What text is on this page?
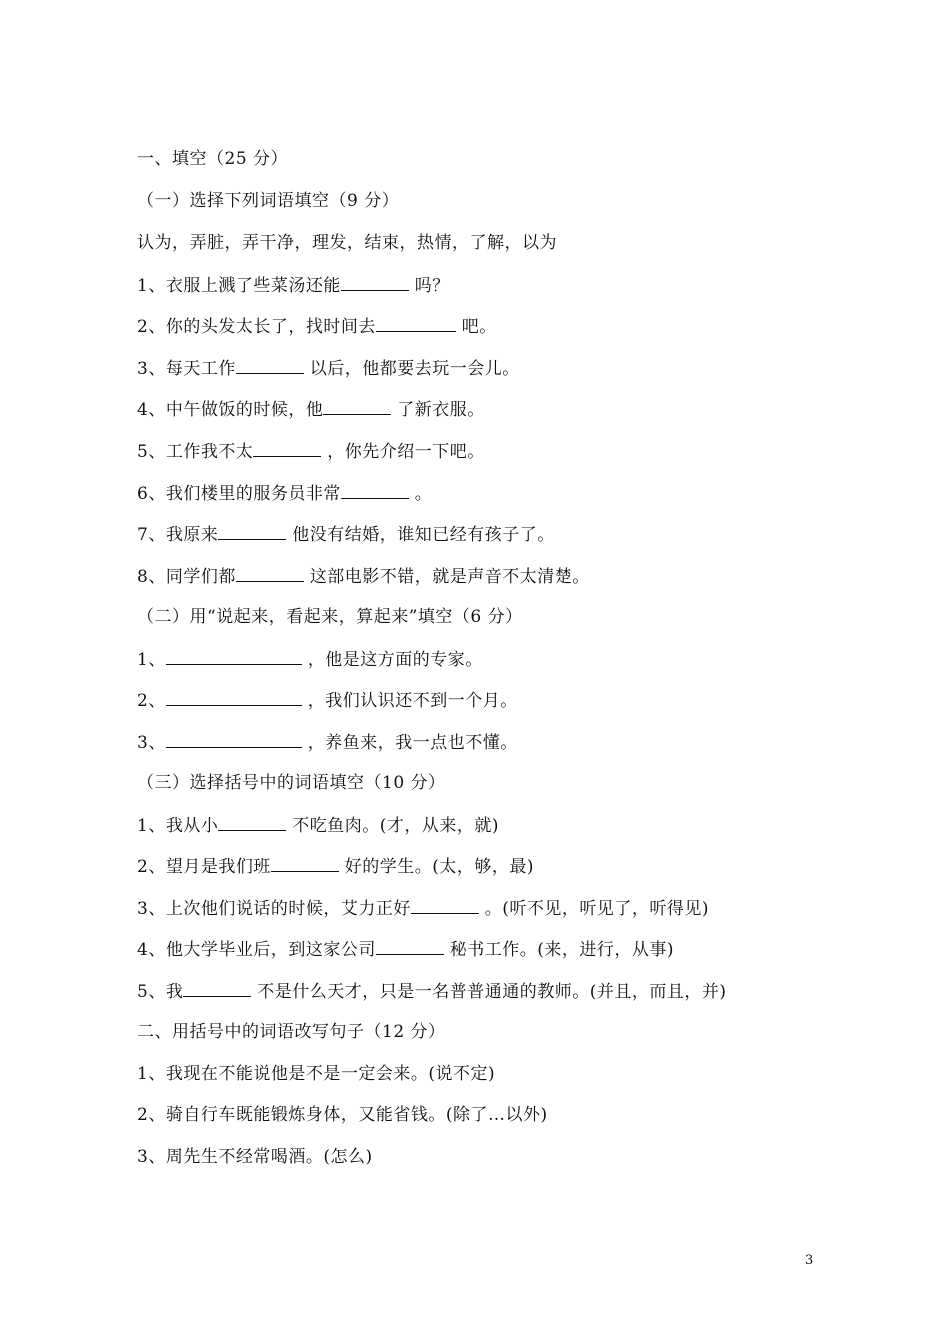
一、填空（25 分）
（一）选择下列词语填空（9 分）
认为，弄脏，弄干净，理发，结束，热情，了解，以为
1、衣服上溅了些菜汤还能	吗？
2、你的头发太长了，找时间去	吧。
3、每天工作	以后，他都要去玩一会儿。
4、中午做饭的时候，他	了新衣服。
5、工作我不太	，你先介绍一下吧。
6、我们楼里的服务员非常	。
7、我原来	他没有结婚，谁知已经有孩子了。
8、同学们都	这部电影不错，就是声音不太清楚。
（二）用“说起来，看起来，算起来”填空（6 分）
1、	，他是这方面的专家。
2、	，我们认识还不到一个月。
3、	，养鱼来，我一点也不懂。
（三）选择括号中的词语填空（10 分）
1、我从小	不吃鱼肉。(才，从来，就)
2、望月是我们班	好的学生。(太，够，最)
3、上次他们说话的时候，艾力正好	。(听不见，听见了，听得见)
4、他大学毕业后，到这家公司	秘书工作。(来，进行，从事)
5、我	不是什么天才，只是一名普普通通的教师。(并且，而且，并)
二、用括号中的词语改写句子（12 分）
1、我现在不能说他是不是一定会来。(说不定)
2、骑自行车既能锻炼身体，又能省钱。(除了…以外)
3、周先生不经常喝酒。(怎么)
3
